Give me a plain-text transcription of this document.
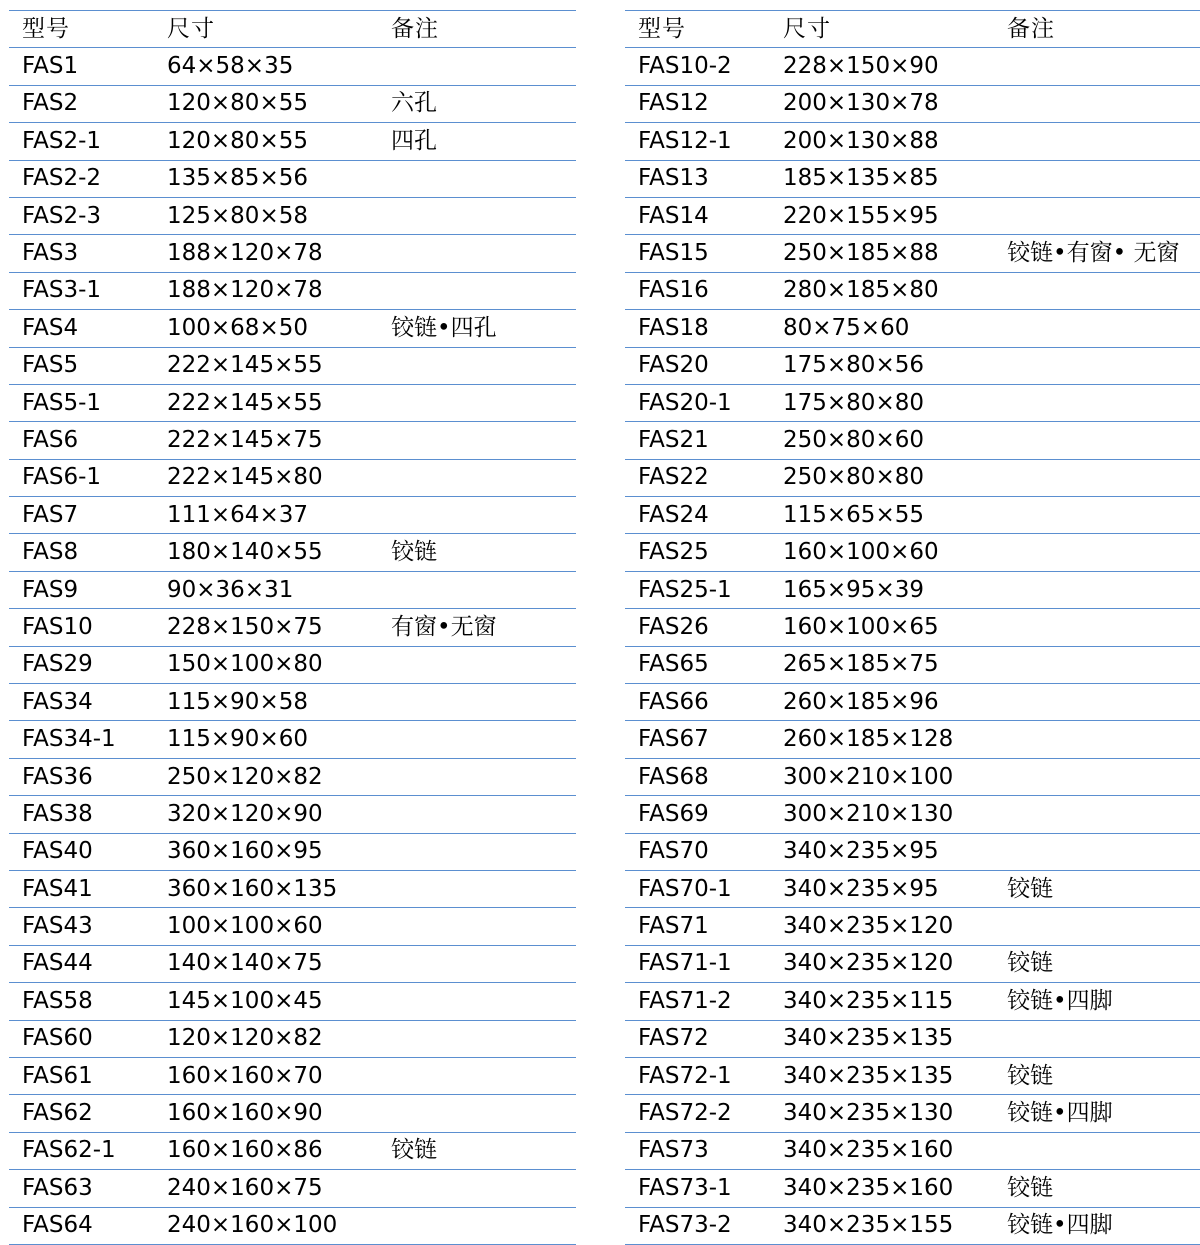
型号	尺寸	备注
FAS1	64×58×35	
FAS2	120×80×55	六孔
FAS2-1	120×80×55	四孔
FAS2-2	135×85×56	
FAS2-3	125×80×58	
FAS3	188×120×78	
FAS3-1	188×120×78	
FAS4	100×68×50	铰链•四孔
FAS5	222×145×55	
FAS5-1	222×145×55	
FAS6	222×145×75	
FAS6-1	222×145×80	
FAS7	111×64×37	
FAS8	180×140×55	铰链
FAS9	90×36×31	
FAS10	228×150×75	有窗•无窗
FAS29	150×100×80	
FAS34	115×90×58	
FAS34-1	115×90×60	
FAS36	250×120×82	
FAS38	320×120×90	
FAS40	360×160×95	
FAS41	360×160×135	
FAS43	100×100×60	
FAS44	140×140×75	
FAS58	145×100×45	
FAS60	120×120×82	
FAS61	160×160×70	
FAS62	160×160×90	
FAS62-1	160×160×86	铰链
FAS63	240×160×75	
FAS64	240×160×100	
型号	尺寸	备注
FAS10-2	228×150×90	
FAS12	200×130×78	
FAS12-1	200×130×88	
FAS13	185×135×85	
FAS14	220×155×95	
FAS15	250×185×88	铰链•有窗• 无窗
FAS16	280×185×80	
FAS18	80×75×60	
FAS20	175×80×56	
FAS20-1	175×80×80	
FAS21	250×80×60	
FAS22	250×80×80	
FAS24	115×65×55	
FAS25	160×100×60	
FAS25-1	165×95×39	
FAS26	160×100×65	
FAS65	265×185×75	
FAS66	260×185×96	
FAS67	260×185×128	
FAS68	300×210×100	
FAS69	300×210×130	
FAS70	340×235×95	
FAS70-1	340×235×95	铰链
FAS71	340×235×120	
FAS71-1	340×235×120	铰链
FAS71-2	340×235×115	铰链•四脚
FAS72	340×235×135	
FAS72-1	340×235×135	铰链
FAS72-2	340×235×130	铰链•四脚
FAS73	340×235×160	
FAS73-1	340×235×160	铰链
FAS73-2	340×235×155	铰链•四脚
